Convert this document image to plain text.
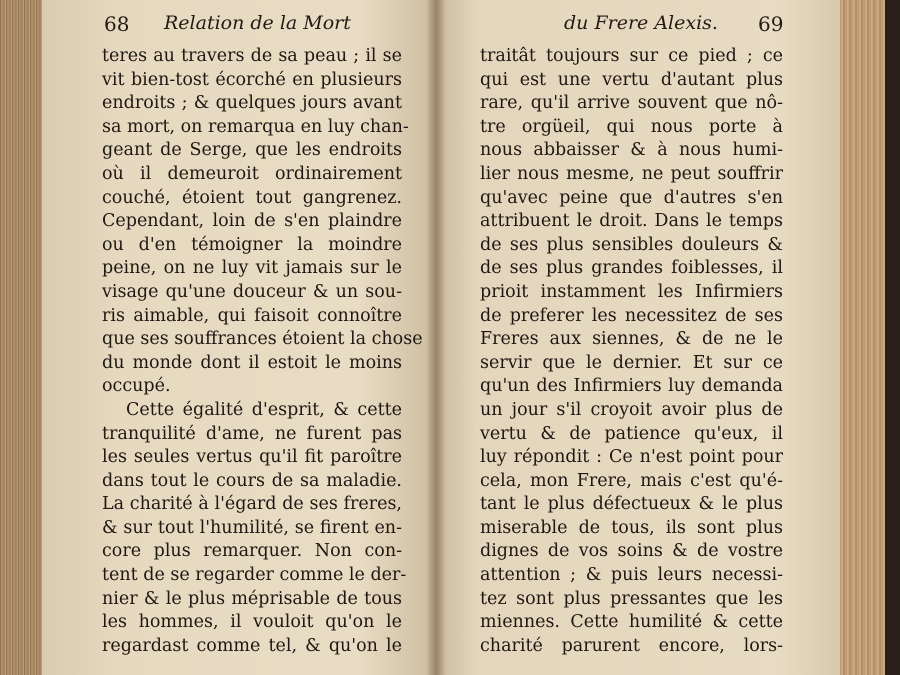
68 Relation de la Mort
teres au travers de sa peau ; il se
vit bien-tost écorché en plusieurs
endroits ; & quelques jours avant
sa mort, on remarqua en luy chan-
geant de Serge, que les endroits
où il demeuroit ordinairement
couché, étoient tout gangrenez.
Cependant, loin de s'en plaindre
ou d'en témoigner la moindre
peine, on ne luy vit jamais sur le
visage qu'une douceur & un sou-
ris aimable, qui faisoit connoître
que ses souffrances étoient la chose
du monde dont il estoit le moins
occupé.
Cette égalité d'esprit, & cette
tranquilité d'ame, ne furent pas
les seules vertus qu'il fit paroître
dans tout le cours de sa maladie.
La charité à l'égard de ses freres,
& sur tout l'humilité, se firent en-
core plus remarquer. Non con-
tent de se regarder comme le der-
nier & le plus méprisable de tous
les hommes, il vouloit qu'on le
regardast comme tel, & qu'on le
du Frere Alexis. 69
traitât toujours sur ce pied ; ce
qui est une vertu d'autant plus
rare, qu'il arrive souvent que nô-
tre orgüeil, qui nous porte à
nous abbaisser & à nous humi-
lier nous mesme, ne peut souffrir
qu'avec peine que d'autres s'en
attribuent le droit. Dans le temps
de ses plus sensibles douleurs &
de ses plus grandes foiblesses, il
prioit instamment les Infirmiers
de preferer les necessitez de ses
Freres aux siennes, & de ne le
servir que le dernier. Et sur ce
qu'un des Infirmiers luy demanda
un jour s'il croyoit avoir plus de
vertu & de patience qu'eux, il
luy répondit : Ce n'est point pour
cela, mon Frere, mais c'est qu'é-
tant le plus défectueux & le plus
miserable de tous, ils sont plus
dignes de vos soins & de vostre
attention ; & puis leurs necessi-
tez sont plus pressantes que les
miennes. Cette humilité & cette
charité parurent encore, lors-
